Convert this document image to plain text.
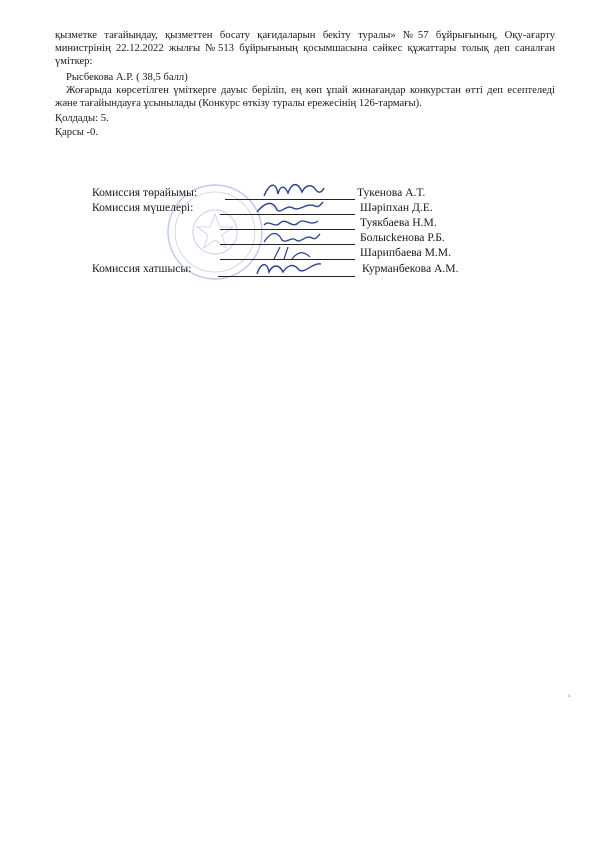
қызметке тағайындау, қызметтен босату қағидаларын бекіту туралы» №57 бұйрығының, Оқу-ағарту министрінің 22.12.2022 жылғы №513 бұйрығының қосымшасына сәйкес құжаттары толық деп саналған үміткер:
Рысбекова А.Р. ( 38,5 балл)
Жоғарыда көрсетілген үміткерге дауыс беріліп, ең көп ұпай жинағандар конкурстан өтті деп есептеледі және тағайындауға ұсынылады (Конкурс өткізу туралы ережесінің 126-тармағы).
Қолдады: 5.
Қарсы -0.
Комиссия төрайымы:	Тукенова А.Т.
Комиссия мүшелері:	Шәріпхан Д.Е.
Туякбаева Н.М.
Болысkенова Р.Б.
Шарипбаева М.М.
Комиссия хатшысы:	Курманбекова А.М.
ᵘ
